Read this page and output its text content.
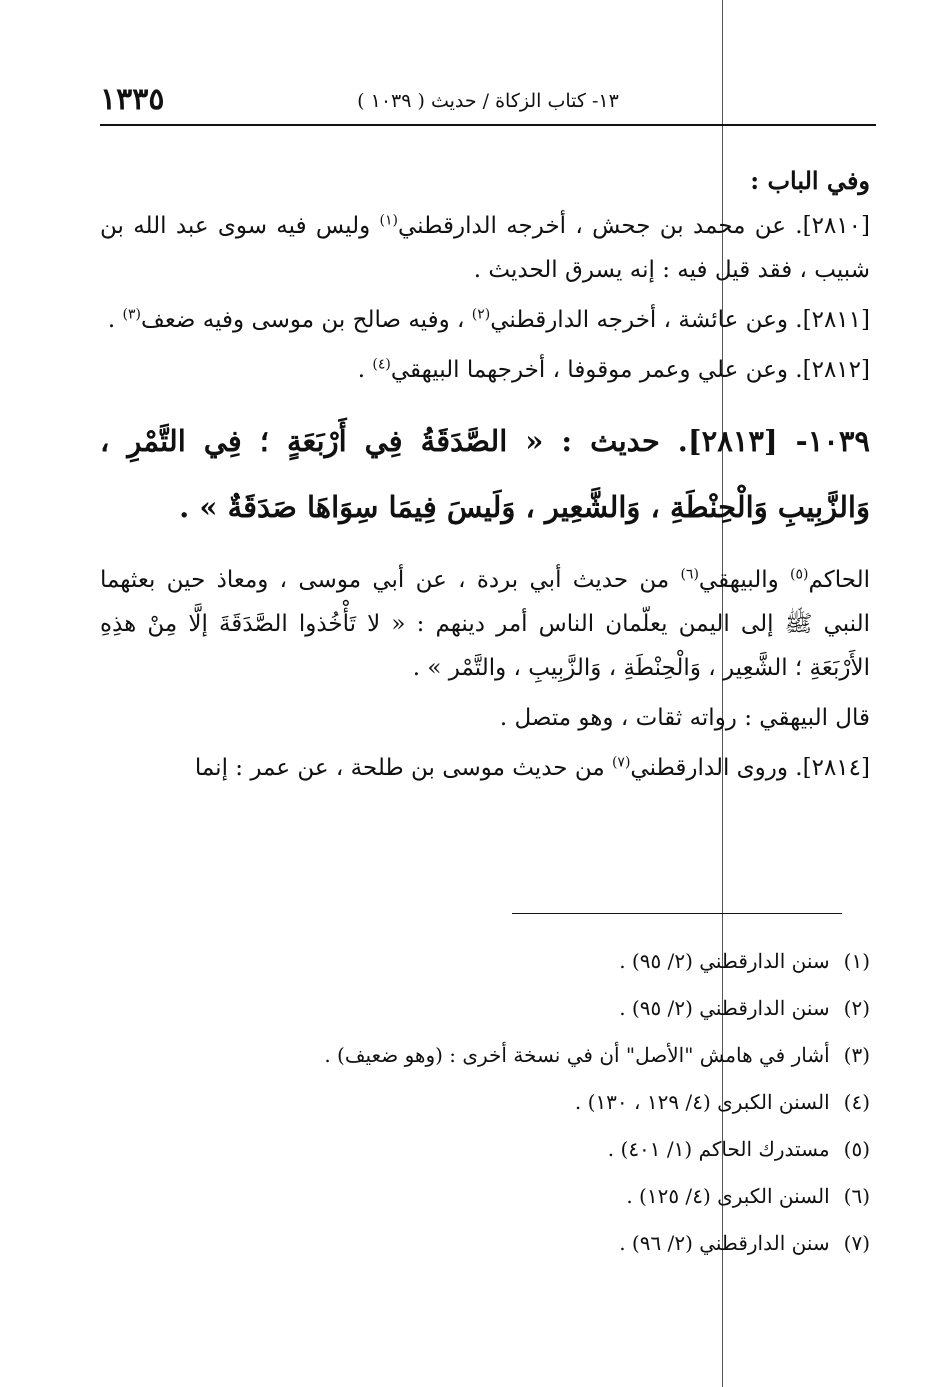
١٣٣٥	١٣- كتاب الزكاة / حديث ( ١٠٣٩ )

وفي الباب :

[٢٨١٠]. عن محمد بن جحش ، أخرجه الدارقطني$^{(١)}$ وليس فيه سوى عبد الله بن شبيب ، فقد قيل فيه : إنه يسرق الحديث .

[٢٨١١]. وعن عائشة ، أخرجه الدارقطني$^{(٢)}$ ، وفيه صالح بن موسى وفيه ضعف$^{(٣)}$ .

[٢٨١٢]. وعن علي وعمر موقوفا ، أخرجهما البيهقي$^{(٤)}$ .

١٠٣٩- [٢٨١٣]. حديث : « الصَّدَقَةُ فِي أَرْبَعَةٍ ؛ فِي التَّمْرِ ، وَالزَّبِيبِ وَالْحِنْطَةِ ، وَالشَّعِير ، وَلَيسَ فِيمَا سِوَاهَا صَدَقَةٌ » .

الحاكم$^{(٥)}$ والبيهقي$^{(٦)}$ من حديث أبي بردة ، عن أبي موسى ، ومعاذ حين بعثهما النبي ﷺ إلى اليمن يعلّمان الناس أمر دينهم : « لا تَأْخُذوا الصَّدَقَةَ إلَّا مِنْ هذِهِ الأَرْبَعَةِ ؛ الشَّعِير ، وَالْحِنْطَةِ ، وَالزَّبِيبِ ، والتَّمْر » .

قال البيهقي : رواته ثقات ، وهو متصل .

[٢٨١٤]. وروى الدارقطني$^{(٧)}$ من حديث موسى بن طلحة ، عن عمر : إنما

(١) سنن الدارقطني (٢/ ٩٥) .
(٢) سنن الدارقطني (٢/ ٩٥) .
(٣) أشار في هامش "الأصل" أن في نسخة أخرى : (وهو ضعيف) .
(٤) السنن الكبرى (٤/ ١٢٩ ، ١٣٠) .
(٥) مستدرك الحاكم (١/ ٤٠١) .
(٦) السنن الكبرى (٤/ ١٢٥) .
(٧) سنن الدارقطني (٢/ ٩٦) .
